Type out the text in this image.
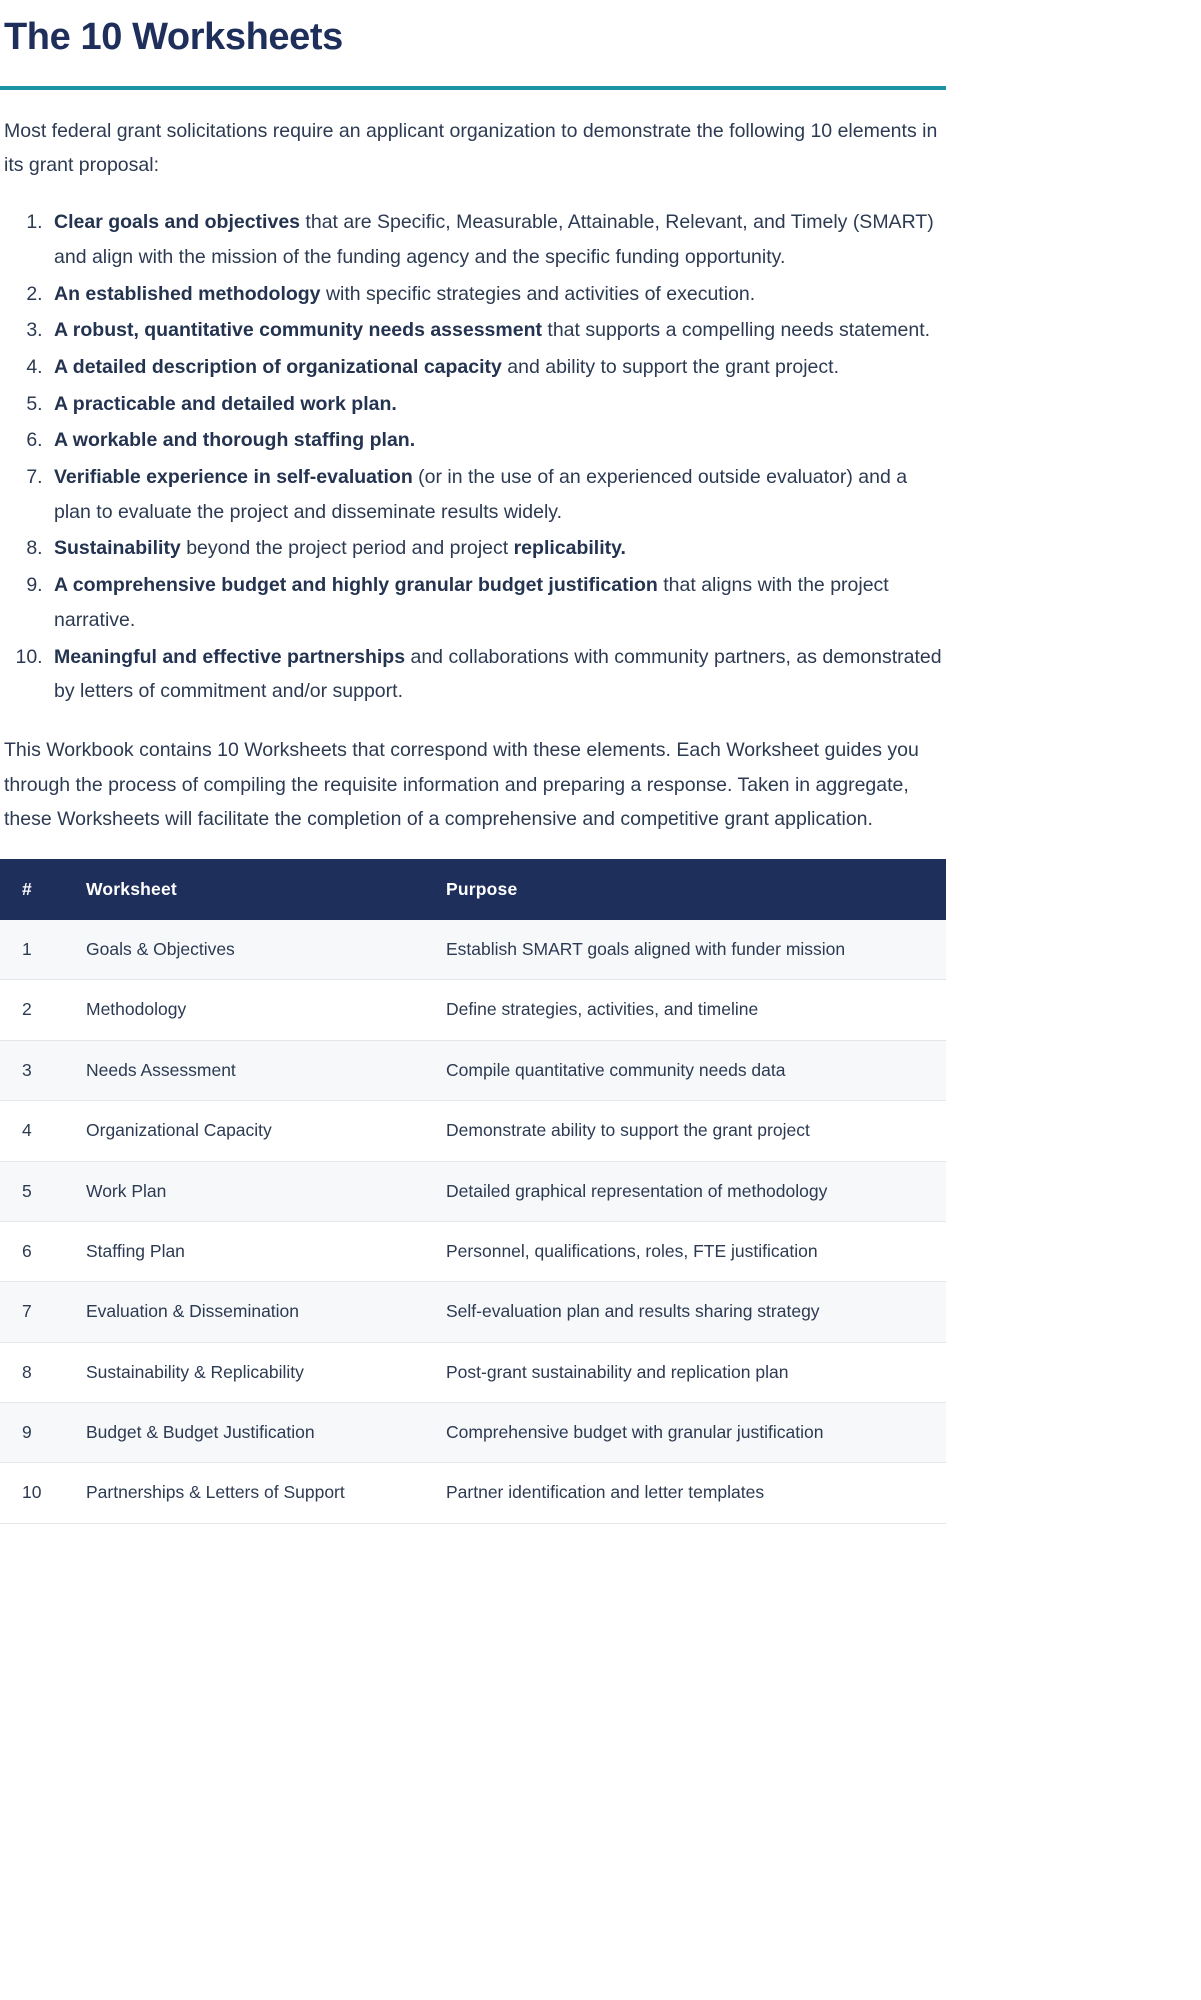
The 10 Worksheets

Most federal grant solicitations require an applicant organization to demonstrate the following 10 elements in its grant proposal:

1. Clear goals and objectives that are Specific, Measurable, Attainable, Relevant, and Timely (SMART) and align with the mission of the funding agency and the specific funding opportunity.
2. An established methodology with specific strategies and activities of execution.
3. A robust, quantitative community needs assessment that supports a compelling needs statement.
4. A detailed description of organizational capacity and ability to support the grant project.
5. A practicable and detailed work plan.
6. A workable and thorough staffing plan.
7. Verifiable experience in self-evaluation (or in the use of an experienced outside evaluator) and a plan to evaluate the project and disseminate results widely.
8. Sustainability beyond the project period and project replicability.
9. A comprehensive budget and highly granular budget justification that aligns with the project narrative.
10. Meaningful and effective partnerships and collaborations with community partners, as demonstrated by letters of commitment and/or support.

This Workbook contains 10 Worksheets that correspond with these elements. Each Worksheet guides you through the process of compiling the requisite information and preparing a response. Taken in aggregate, these Worksheets will facilitate the completion of a comprehensive and competitive grant application.

#	Worksheet	Purpose
1	Goals & Objectives	Establish SMART goals aligned with funder mission
2	Methodology	Define strategies, activities, and timeline
3	Needs Assessment	Compile quantitative community needs data
4	Organizational Capacity	Demonstrate ability to support the grant project
5	Work Plan	Detailed graphical representation of methodology
6	Staffing Plan	Personnel, qualifications, roles, FTE justification
7	Evaluation & Dissemination	Self-evaluation plan and results sharing strategy
8	Sustainability & Replicability	Post-grant sustainability and replication plan
9	Budget & Budget Justification	Comprehensive budget with granular justification
10	Partnerships & Letters of Support	Partner identification and letter templates
